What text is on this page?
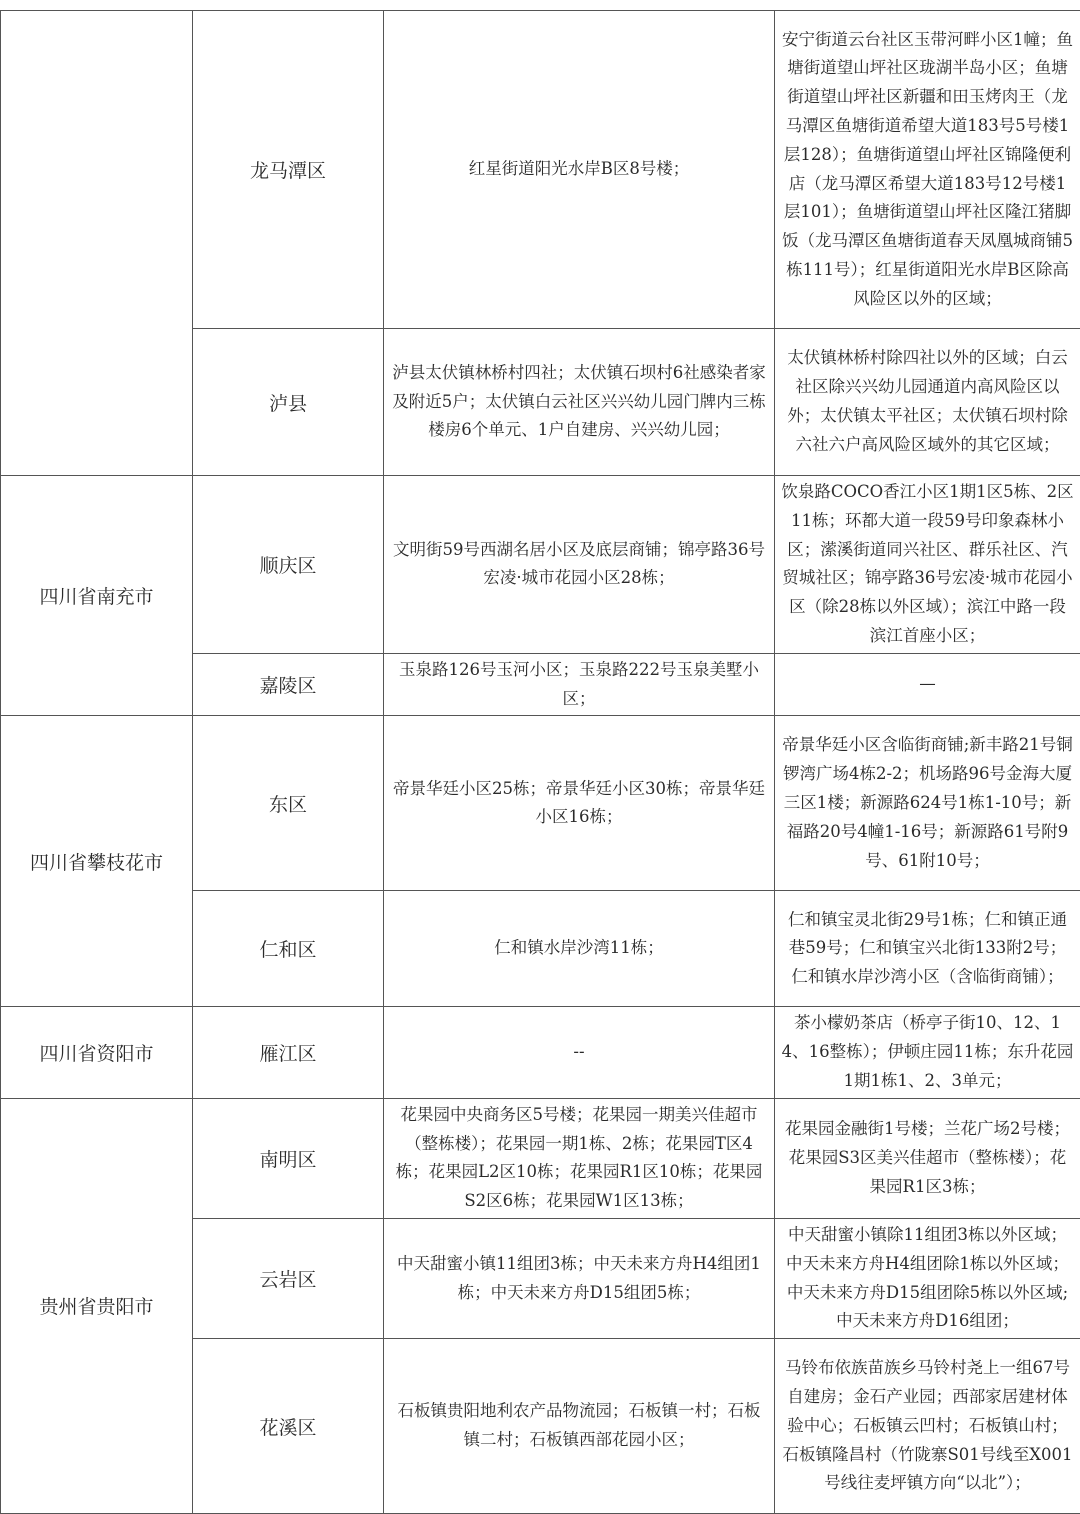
	龙马潭区	红星街道阳光水岸B区8号楼；	安宁街道云台社区玉带河畔小区1幢；鱼塘街道望山坪社区珑湖半岛小区；鱼塘街道望山坪社区新疆和田玉烤肉王（龙马潭区鱼塘街道希望大道183号5号楼1层128）；鱼塘街道望山坪社区锦隆便利店（龙马潭区希望大道183号12号楼1层101）；鱼塘街道望山坪社区隆江猪脚饭（龙马潭区鱼塘街道春天凤凰城商铺5栋111号）；红星街道阳光水岸B区除高风险区以外的区域；

	泸县	泸县太伏镇林桥村四社；太伏镇石坝村6社感染者家及附近5户；太伏镇白云社区兴兴幼儿园门牌内三栋楼房6个单元、1户自建房、兴兴幼儿园；	太伏镇林桥村除四社以外的区域；白云社区除兴兴幼儿园通道内高风险区以外；太伏镇太平社区；太伏镇石坝村除六社六户高风险区域外的其它区域；

四川省南充市	顺庆区	文明街59号西湖名居小区及底层商铺；锦亭路36号宏凌·城市花园小区28栋；	饮泉路COCO香江小区1期1区5栋、2区11栋；环都大道一段59号印象森林小区；潆溪街道同兴社区、群乐社区、汽贸城社区；锦亭路36号宏凌·城市花园小区（除28栋以外区域）；滨江中路一段滨江首座小区；

	嘉陵区	玉泉路126号玉河小区；玉泉路222号玉泉美墅小区；	—

四川省攀枝花市	东区	帝景华廷小区25栋；帝景华廷小区30栋；帝景华廷小区16栋；	帝景华廷小区含临街商铺;新丰路21号铜锣湾广场4栋2-2；机场路96号金海大厦三区1楼；新源路624号1栋1-10号；新福路20号4幢1-16号；新源路61号附9号、61附10号；

	仁和区	仁和镇水岸沙湾11栋；	仁和镇宝灵北街29号1栋；仁和镇正通巷59号；仁和镇宝兴北街133附2号；仁和镇水岸沙湾小区（含临街商铺）；

四川省资阳市	雁江区	--	茶小檬奶茶店（桥亭子街10、12、14、16整栋）；伊顿庄园11栋；东升花园1期1栋1、2、3单元；

贵州省贵阳市	南明区	花果园中央商务区5号楼；花果园一期美兴佳超市（整栋楼）；花果园一期1栋、2栋；花果园T区4栋；花果园L2区10栋；花果园R1区10栋；花果园S2区6栋；花果园W1区13栋；	花果园金融街1号楼；兰花广场2号楼；花果园S3区美兴佳超市（整栋楼）；花果园R1区3栋；

	云岩区	中天甜蜜小镇11组团3栋；中天未来方舟H4组团1栋；中天未来方舟D15组团5栋；	中天甜蜜小镇除11组团3栋以外区域；中天未来方舟H4组团除1栋以外区域；中天未来方舟D15组团除5栋以外区域;中天未来方舟D16组团；

	花溪区	石板镇贵阳地利农产品物流园；石板镇一村；石板镇二村；石板镇西部花园小区；	马铃布依族苗族乡马铃村尧上一组67号自建房；金石产业园；西部家居建材体验中心；石板镇云凹村；石板镇山村；石板镇隆昌村（竹陇寨S01号线至X001号线往麦坪镇方向“以北”）；
